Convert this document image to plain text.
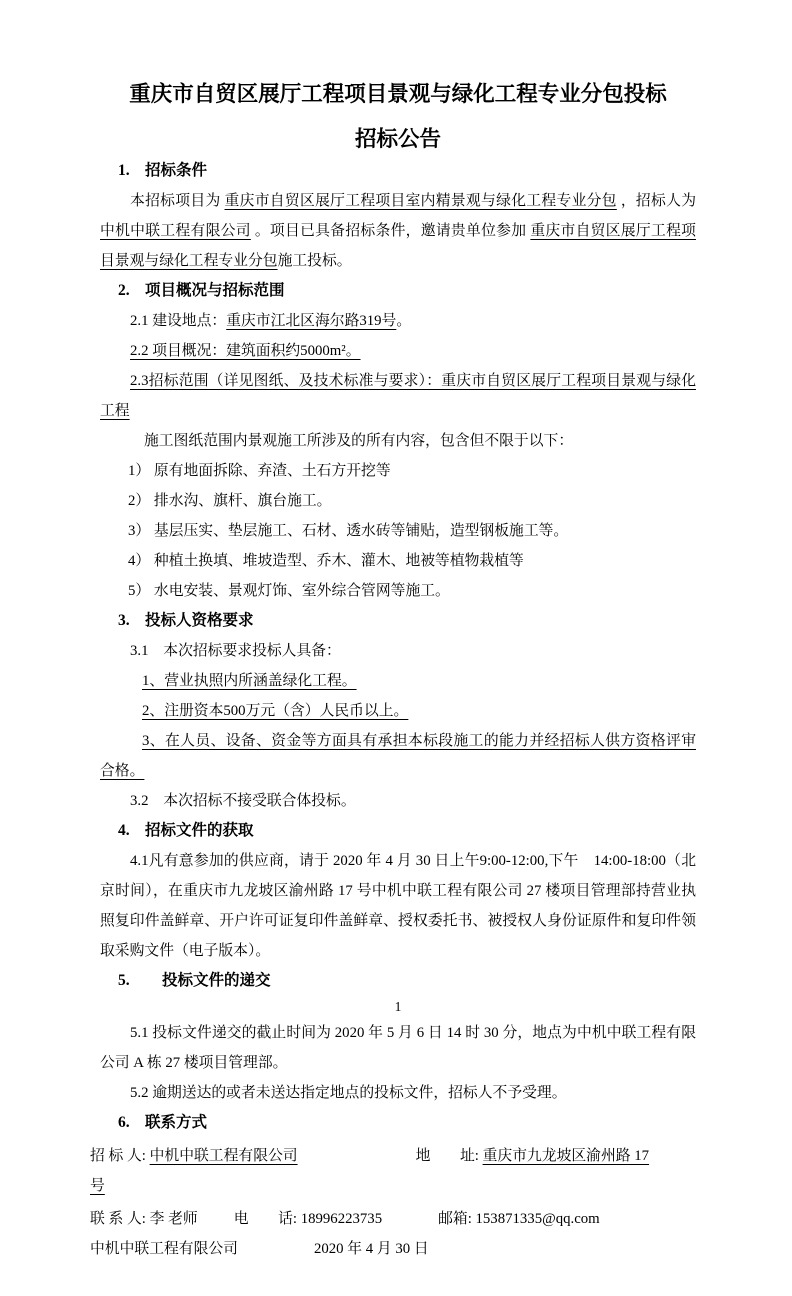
重庆市自贸区展厅工程项目景观与绿化工程专业分包投标
招标公告
1. 招标条件

本招标项目为 重庆市自贸区展厅工程项目室内精景观与绿化工程专业分包 ，招标人为中机中联工程有限公司 。项目已具备招标条件，邀请贵单位参加 重庆市自贸区展厅工程项目景观与绿化工程专业分包施工投标。

2. 项目概况与招标范围

2.1 建设地点：重庆市江北区海尔路319号。

2.2 项目概况：建筑面积约5000m²。

2.3招标范围（详见图纸、及技术标准与要求）：重庆市自贸区展厅工程项目景观与绿化工程

施工图纸范围内景观施工所涉及的所有内容，包含但不限于以下：

1） 原有地面拆除、弃渣、土石方开挖等

2） 排水沟、旗杆、旗台施工。

3） 基层压实、垫层施工、石材、透水砖等铺贴，造型钢板施工等。

4） 种植土换填、堆坡造型、乔木、灌木、地被等植物栽植等

5） 水电安装、景观灯饰、室外综合管网等施工。

3. 投标人资格要求

3.1　本次招标要求投标人具备：

1、营业执照内所涵盖绿化工程。

2、注册资本500万元（含）人民币以上。

3、在人员、设备、资金等方面具有承担本标段施工的能力并经招标人供方资格评审合格。

3.2　本次招标不接受联合体投标。

4. 招标文件的获取

4.1凡有意参加的供应商，请于 2020 年 4 月 30 日上午9:00-12:00,下午　14:00-18:00（北京时间），在重庆市九龙坡区渝州路 17 号中机中联工程有限公司 27 楼项目管理部持营业执照复印件盖鲜章、开户许可证复印件盖鲜章、授权委托书、被授权人身份证原件和复印件领取采购文件（电子版本）。

5. 投标文件的递交
1

5.1 投标文件递交的截止时间为 2020 年 5 月 6 日 14 时 30 分，地点为中机中联工程有限公司 A 栋 27 楼项目管理部。

5.2 逾期送达的或者未送达指定地点的投标文件，招标人不予受理。

6. 联系方式
招 标 人: 中机中联工程有限公司	地　　址: 重庆市九龙坡区渝州路 17
号
联 系 人: 李 老师 电　　话: 18996223735	邮箱: 153871335@qq.com
中机中联工程有限公司	2020 年 4 月 30 日
